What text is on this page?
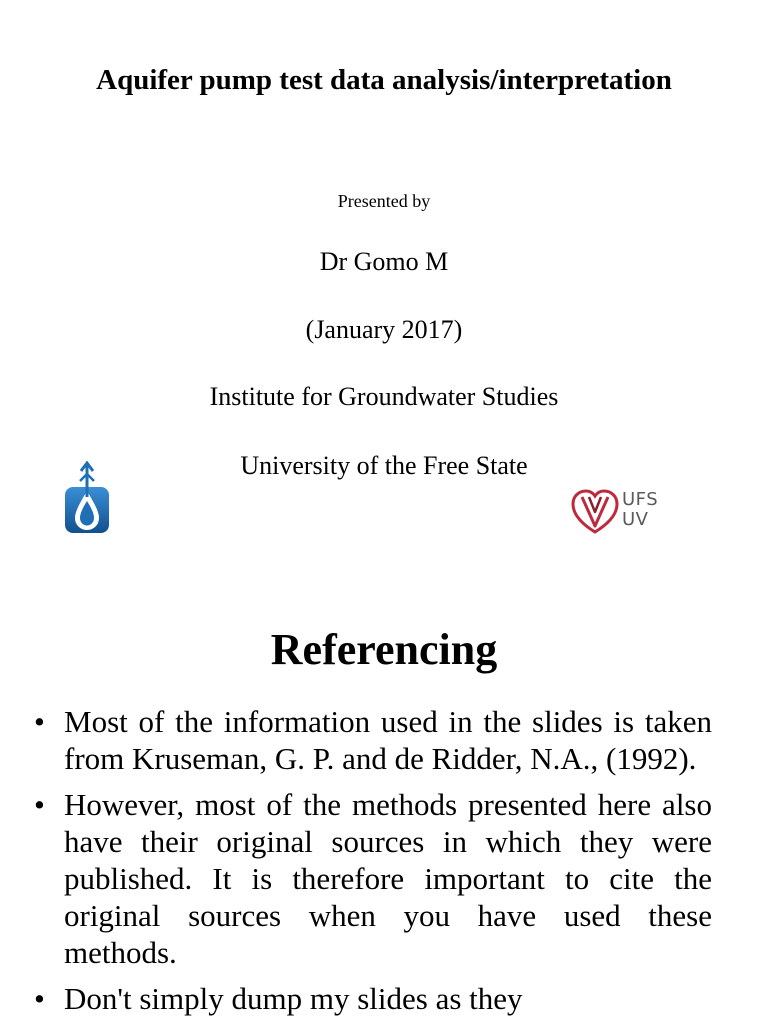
Aquifer pump test data analysis/interpretation
Presented by
Dr Gomo M
(January 2017)
Institute for Groundwater Studies
University of the Free State
UFS
UV
Referencing
• Most of the information used in the slides is taken from Kruseman, G. P. and de Ridder, N.A., (1992).
• However, most of the methods presented here also have their original sources in which they were published. It is therefore important to cite the original sources when you have used these methods.
• Don't simply dump my slides as they
